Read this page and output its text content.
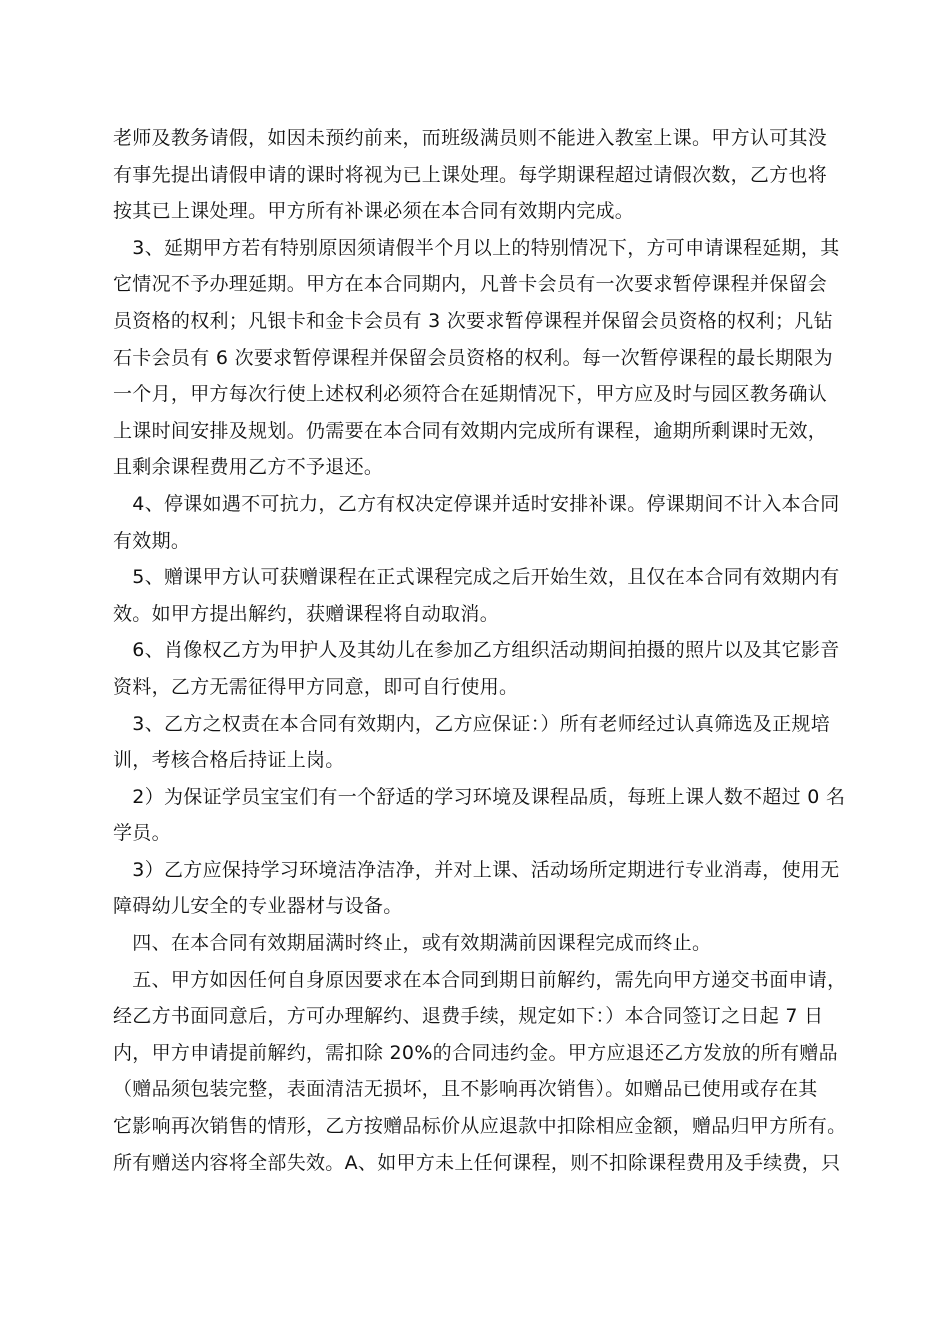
老师及教务请假，如因未预约前来，而班级满员则不能进入教室上课。甲方认可其没
有事先提出请假申请的课时将视为已上课处理。每学期课程超过请假次数，乙方也将
按其已上课处理。甲方所有补课必须在本合同有效期内完成。

　3、延期甲方若有特别原因须请假半个月以上的特别情况下，方可申请课程延期，其
它情况不予办理延期。甲方在本合同期内，凡普卡会员有一次要求暂停课程并保留会
员资格的权利；凡银卡和金卡会员有 3 次要求暂停课程并保留会员资格的权利；凡钻
石卡会员有 6 次要求暂停课程并保留会员资格的权利。每一次暂停课程的最长期限为
一个月，甲方每次行使上述权利必须符合在延期情况下，甲方应及时与园区教务确认
上课时间安排及规划。仍需要在本合同有效期内完成所有课程，逾期所剩课时无效，
且剩余课程费用乙方不予退还。

　4、停课如遇不可抗力，乙方有权决定停课并适时安排补课。停课期间不计入本合同
有效期。

　5、赠课甲方认可获赠课程在正式课程完成之后开始生效，且仅在本合同有效期内有
效。如甲方提出解约，获赠课程将自动取消。

　6、肖像权乙方为甲护人及其幼儿在参加乙方组织活动期间拍摄的照片以及其它影音
资料，乙方无需征得甲方同意，即可自行使用。

　3、乙方之权责在本合同有效期内，乙方应保证：）所有老师经过认真筛选及正规培
训，考核合格后持证上岗。

　2）为保证学员宝宝们有一个舒适的学习环境及课程品质，每班上课人数不超过 0 名
学员。

　3）乙方应保持学习环境洁净洁净，并对上课、活动场所定期进行专业消毒，使用无
障碍幼儿安全的专业器材与设备。

　四、在本合同有效期届满时终止，或有效期满前因课程完成而终止。

　五、甲方如因任何自身原因要求在本合同到期日前解约，需先向甲方递交书面申请，
经乙方书面同意后，方可办理解约、退费手续，规定如下：）本合同签订之日起 7 日
内，甲方申请提前解约，需扣除 20%的合同违约金。甲方应退还乙方发放的所有赠品
（赠品须包装完整，表面清洁无损坏，且不影响再次销售）。如赠品已使用或存在其
它影响再次销售的情形，乙方按赠品标价从应退款中扣除相应金额，赠品归甲方所有。
所有赠送内容将全部失效。A、如甲方未上任何课程，则不扣除课程费用及手续费，只
